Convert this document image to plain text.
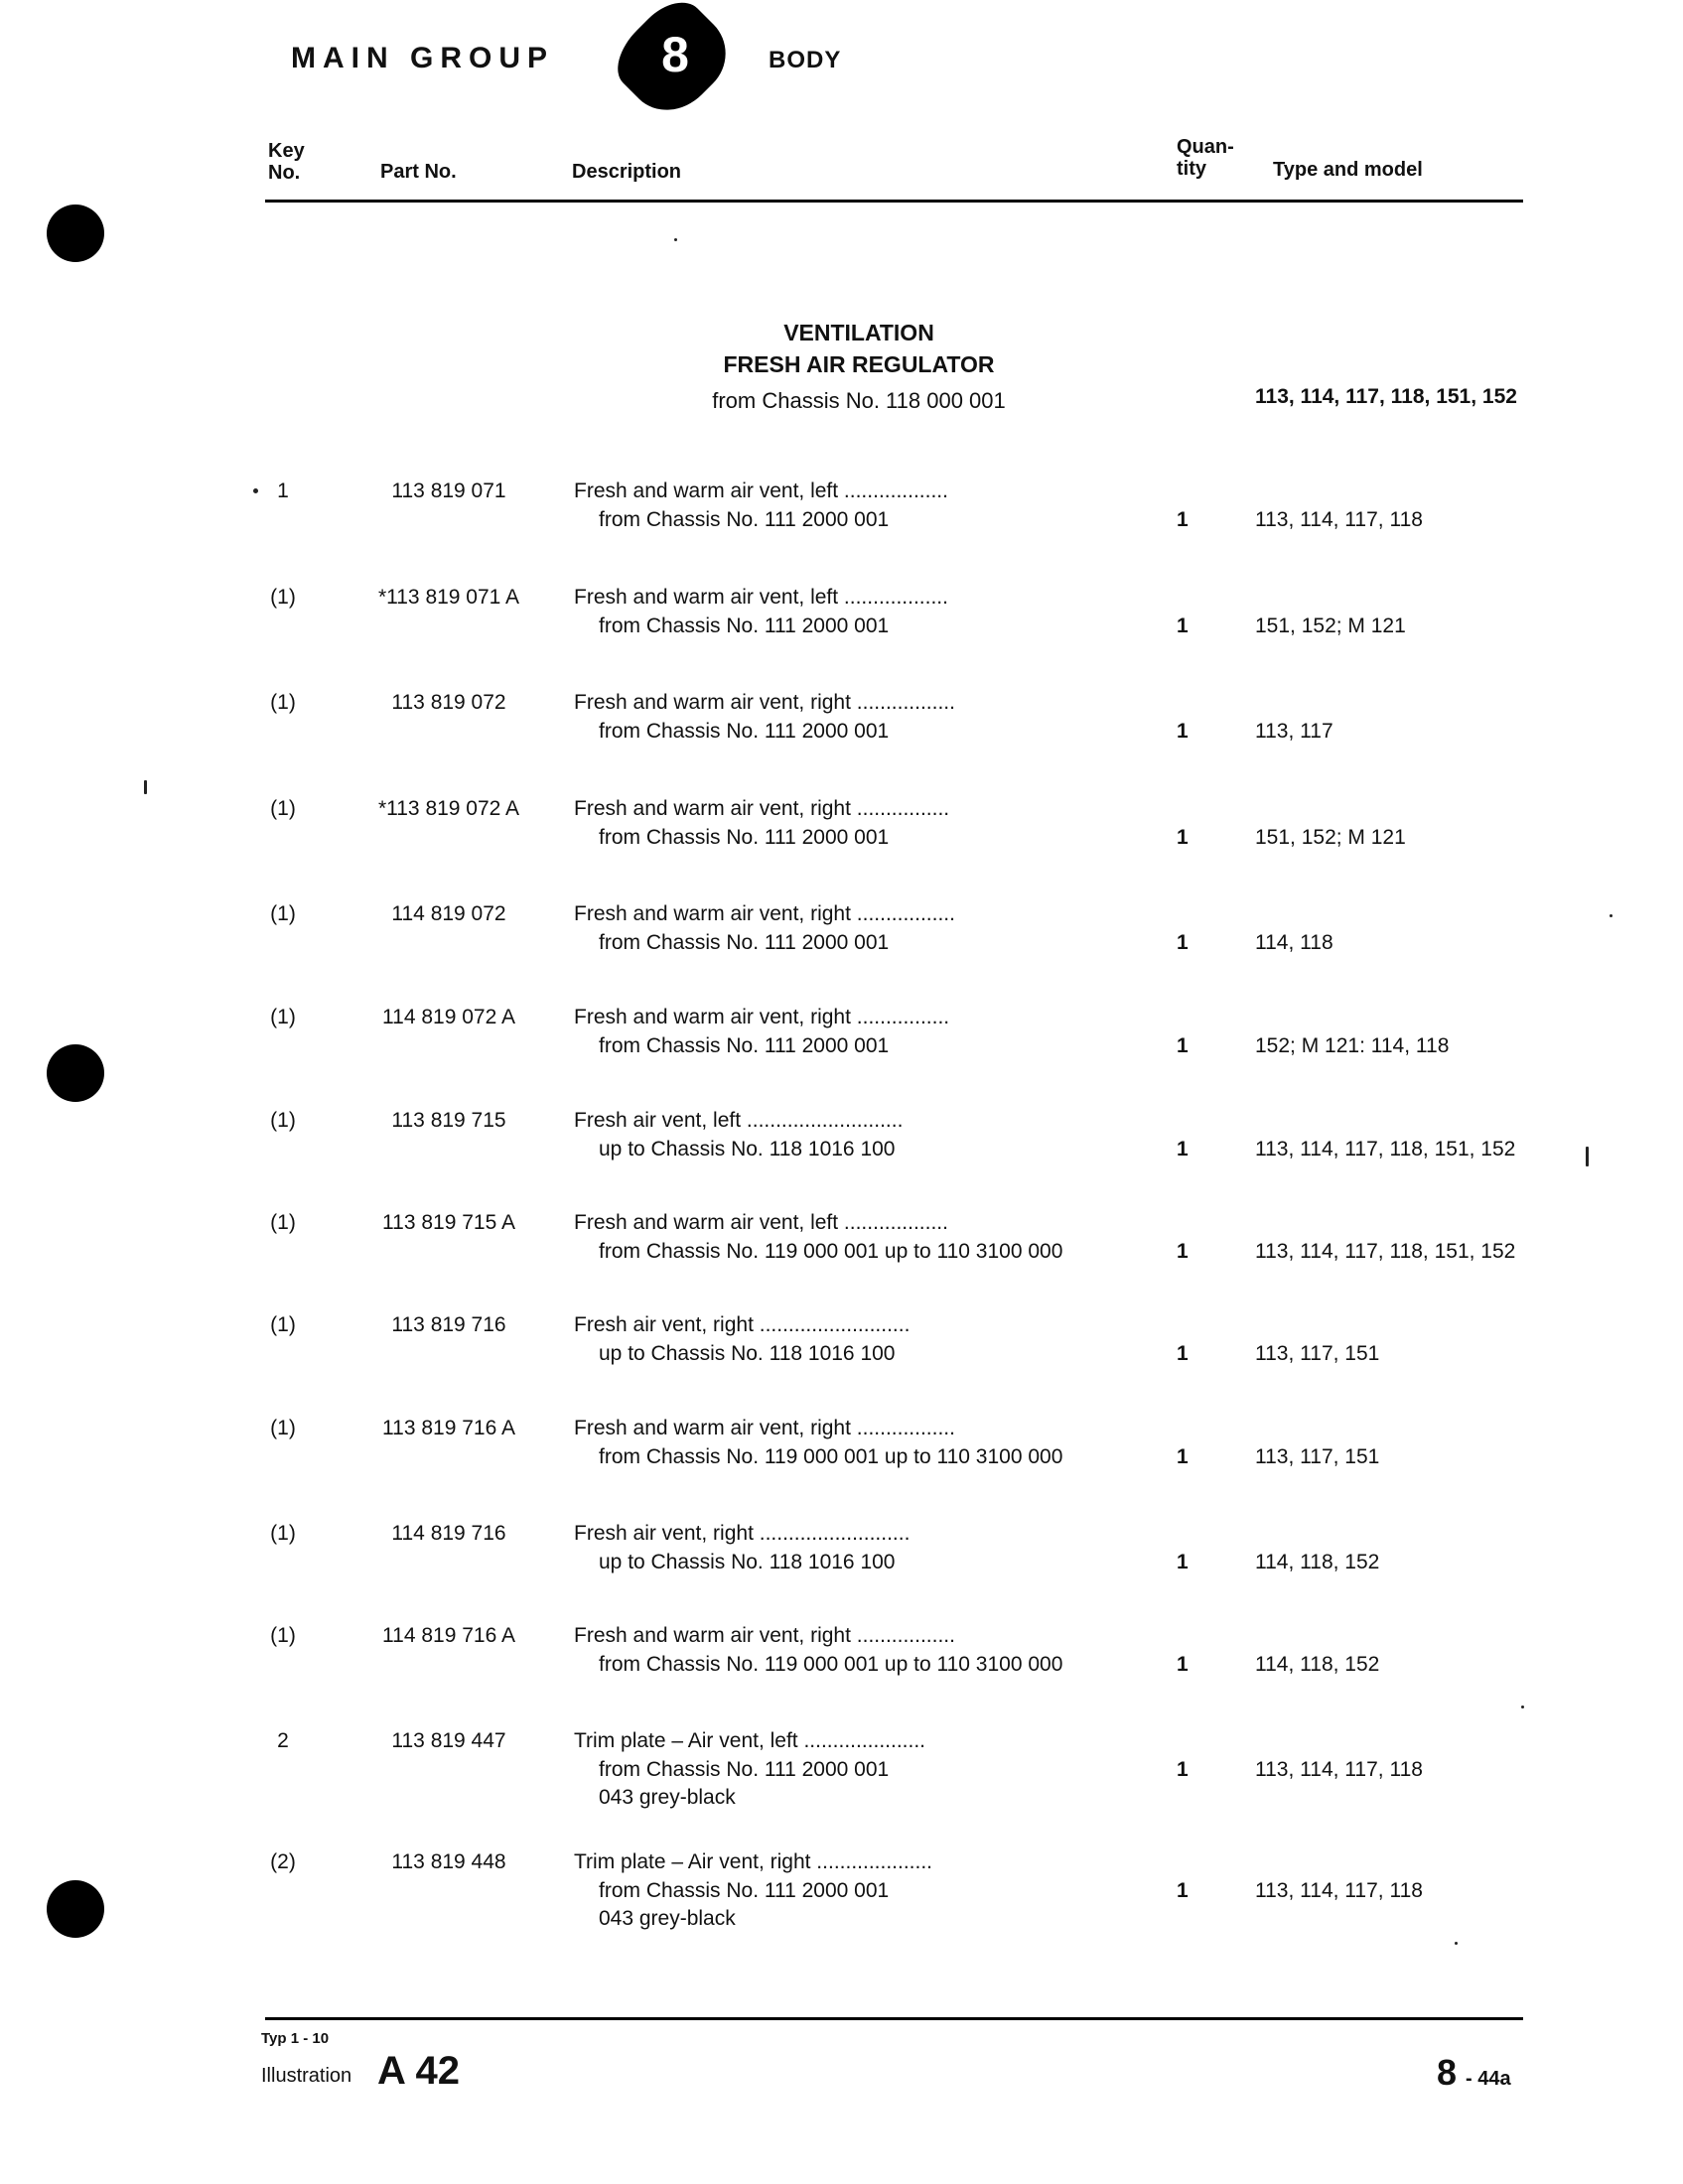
MAIN GROUP 8	BODY
Key No.	Part No.	Description
Quan- tity	Type and model
VENTILATION
FRESH AIR REGULATOR
from Chassis No. 118 000 001	113, 114, 117, 118, 151, 152
1	113 819 071	Fresh and warm air vent, left ..................
from Chassis No. 111 2000 001	1	113, 114, 117, 118
(1)	*113 819 071 A	Fresh and warm air vent, left ..................
from Chassis No. 111 2000 001	1	151, 152; M 121
(1)	113 819 072	Fresh and warm air vent, right .................
from Chassis No. 111 2000 001	1	113, 117
(1)	*113 819 072 A	Fresh and warm air vent, right ................
from Chassis No. 111 2000 001	1	151, 152; M 121
(1)	114 819 072	Fresh and warm air vent, right .................
from Chassis No. 111 2000 001	1	114, 118
(1)	114 819 072 A	Fresh and warm air vent, right ................
from Chassis No. 111 2000 001	1	152; M 121: 114, 118
(1)	113 819 715	Fresh air vent, left ...........................
up to Chassis No. 118 1016 100	1	113, 114, 117, 118, 151, 152
(1)	113 819 715 A	Fresh and warm air vent, left ..................
from Chassis No. 119 000 001 up to 110 3100 000	1	113, 114, 117, 118, 151, 152
(1)	113 819 716	Fresh air vent, right ..........................
up to Chassis No. 118 1016 100	1	113, 117, 151
(1)	113 819 716 A	Fresh and warm air vent, right .................
from Chassis No. 119 000 001 up to 110 3100 000	1	113, 117, 151
(1)	114 819 716	Fresh air vent, right ..........................
up to Chassis No. 118 1016 100	1	114, 118, 152
(1)	114 819 716 A	Fresh and warm air vent, right .................
from Chassis No. 119 000 001 up to 110 3100 000	1	114, 118, 152
2	113 819 447	Trim plate – Air vent, left .....................
from Chassis No. 111 2000 001
043 grey-black
1	113, 114, 117, 118
(2)	113 819 448	Trim plate – Air vent, right ....................
from Chassis No. 111 2000 001
043 grey-black
1	113, 114, 117, 118
Typ 1 - 10
Illustration A 42	8 - 44a
